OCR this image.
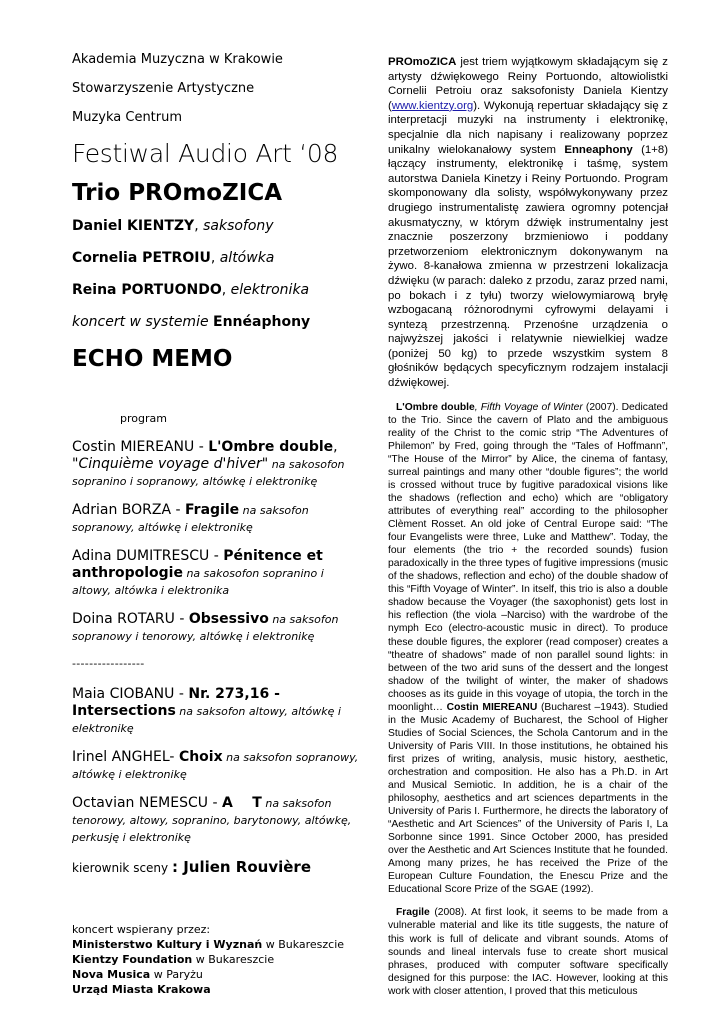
Akademia Muzyczna w Krakowie
Stowarzyszenie Artystyczne
Muzyka Centrum
Festiwal Audio Art ‘08
Trio PROmoZICA
Daniel KIENTZY, saksofony
Cornelia PETROIU, altówka
Reina PORTUONDO, elektronika
koncert w systemie Ennéaphony
ECHO MEMO
program
Costin MIEREANU - L'Ombre double,
"Cinquième voyage d'hiver" na sakosofon sopranino i sopranowy, altówkę i elektronikę
Adrian BORZA - Fragile na saksofon sopranowy, altówkę i elektronikę
Adina DUMITRESCU - Pénitence et anthropologie na sakosofon sopranino i altowy, altówka i elektronika
Doina ROTARU - Obsessivo na saksofon sopranowy i tenorowy, altówkę i elektronikę
-----------------
Maia CIOBANU - Nr. 273,16 - Intersections na saksofon altowy, altówkę i elektronikę
Irinel ANGHEL- Choix na saksofon sopranowy, altówkę i elektronikę
Octavian NEMESCU - A    T na saksofon tenorowy, altowy, sopranino, barytonowy, altówkę, perkusję i elektronikę
kierownik sceny : Julien Rouvière
koncert wspierany przez:
Ministerstwo Kultury i Wyznań w Bukareszcie
Kientzy Foundation w Bukareszcie
Nova Musica w Paryżu
Urząd Miasta Krakowa

PROmoZICA jest triem wyjątkowym składającym się z artysty dźwiękowego Reiny Portuondo, altowiolistki Cornelii Petroiu oraz saksofonisty Daniela Kientzy (www.kientzy.org). Wykonują repertuar składający się z interpretacji muzyki na instrumenty i elektronikę, specjalnie dla nich napisany i realizowany poprzez unikalny wielokanałowy system Enneaphony (1+8) łączący instrumenty, elektronikę i taśmę, system autorstwa Daniela Kinetzy i Reiny Portuondo. Program skomponowany dla solisty, współwykonywany przez drugiego instrumentalistę zawiera ogromny potencjał akusmatyczny, w którym dźwięk instrumentalny jest znacznie poszerzony brzmieniowo i poddany przetworzeniom elektronicznym dokonywanym na żywo. 8-kanałowa zmienna w przestrzeni lokalizacja dźwięku (w parach: daleko z przodu, zaraz przed nami, po bokach i z tyłu) tworzy wielowymiarową bryłę wzbogacaną różnorodnymi cyfrowymi delayami i syntezą przestrzenną. Przenośne urządzenia o najwyższej jakości i relatywnie niewielkiej wadze (poniżej 50 kg) to przede wszystkim system 8 głośników będących specyficznym rodzajem instalacji dźwiękowej.

L'Ombre double, Fifth Voyage of Winter (2007). Dedicated to the Trio. Since the cavern of Plato and the ambiguous reality of the Christ to the comic strip “The Adventures of Philemon” by Fred, going through the “Tales of Hoffmann”, “The House of the Mirror” by Alice, the cinema of fantasy, surreal paintings and many other “double figures”; the world is crossed without truce by fugitive paradoxical visions like the shadows (reflection and echo) which are “obligatory attributes of everything real” according to the philosopher Clèment Rosset. An old joke of Central Europe said: “The four Evangelists were three, Luke and Matthew”. Today, the four elements (the trio + the recorded sounds) fusion paradoxically in the three types of fugitive impressions (music of the shadows, reflection and echo) of the double shadow of this “Fifth Voyage of Winter”. In itself, this trio is also a double shadow because the Voyager (the saxophonist) gets lost in his reflection (the viola –Narciso) with the wardrobe of the nymph Eco (electro-acoustic music in direct). To produce these double figures, the explorer (read composer) creates a “theatre of shadows” made of non parallel sound lights: in between of the two arid suns of the dessert and the longest shadow of the twilight of winter, the maker of shadows chooses as its guide in this voyage of utopia, the torch in the moonlight… Costin MIEREANU (Bucharest –1943). Studied in the Music Academy of Bucharest, the School of Higher Studies of Social Sciences, the Schola Cantorum and in the University of Paris VIII. In those institutions, he obtained his first prizes of writing, analysis, music history, aesthetic, orchestration and composition. He also has a Ph.D. in Art and Musical Semiotic. In addition, he is a chair of the philosophy, aesthetics and art sciences departments in the University of Paris I. Furthermore, he directs the laboratory of “Aesthetic and Art Sciences” of the University of Paris I, La Sorbonne since 1991. Since October 2000, has presided over the Aesthetic and Art Sciences Institute that he founded. Among many prizes, he has received the Prize of the European Culture Foundation, the Enescu Prize and the Educational Score Prize of the SGAE (1992).

Fragile (2008). At first look, it seems to be made from a vulnerable material and like its title suggests, the nature of this work is full of delicate and vibrant sounds. Atoms of sounds and lineal intervals fuse to create short musical phrases, produced with computer software specifically designed for this purpose: the IAC. However, looking at this work with closer attention, I proved that this meticulous
